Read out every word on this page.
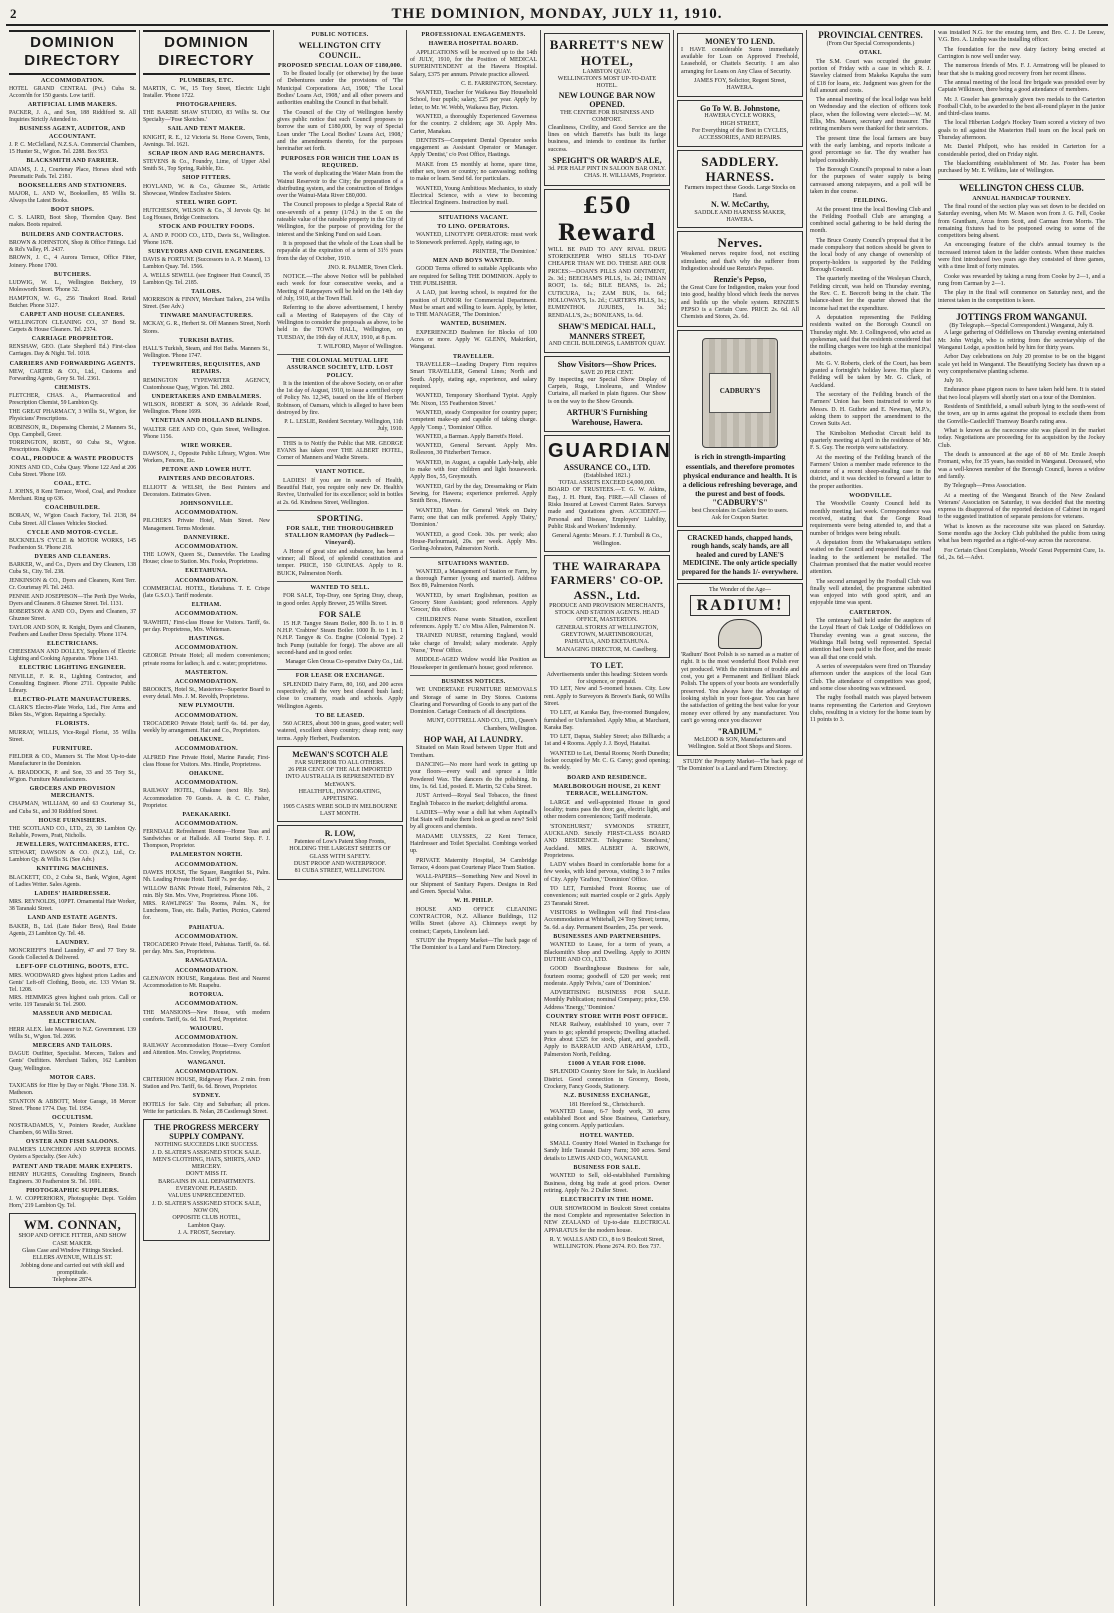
2	THE DOMINION, MONDAY, JULY 11, 1910.
DOMINION DIRECTORY
ACCOMMODATION.
HOTEL GRAND CENTRAL (Pvt.) Cuba St. Accom'dn for 150 guests. Low tariff.
ARTIFICIAL LIMB MAKERS.
PACKER, J. A., and Son, 188 Riddiford St. All Inquiries Strictly Attended to.
BUSINESS AGENT, AUDITOR, AND ACCOUNTANT.
J. P. C. McClelland, N.Z.S.A. Commercial Chambers, 15 Hunter St., W'gton. Tel. 2288. Box 953.
BLACKSMITH AND FARRIER.
ADAMS, J. J., Courtenay Place, Horses shod with Pneumatic Pads. Tel. 2181.
BOOKSELLERS AND STATIONERS.
MAJOR, L. AND W., Booksellers, 85 Willis St. Always the Latest Books.
BOOT SHOPS.
C. S. LAIRD, Boot Shop, Thorndon Quay. Best makes. Boots repaired.
BUILDERS AND CONTRACTORS.
BROWN & JOHNSTON, Shop & Office Fittings. Lid & Rd's Valley, Pl. 2437.
BROWN, J. C., 4 Aurora Terrace, Office Fitter, Joinery. Phone 1700.
BUTCHERS.
LUDWIG, W. L., Wellington Butchery, 19 Molesworth Street. 'Phone 32.
HAMPTON, W. G., 256 Tinakori Road. Retail Butcher. Phone 3127.
CARPET AND HOUSE CLEANERS.
WELLINGTON CLEANING CO., 37 Bond St. Carpets & House Cleaners. Tel. 2374.
CARRIAGE PROPRIETOR.
RENSHAW, GEO. (Late Shepherd Ed.) First-class Carriages. Day & Night. Tel. 1018.
CARRIERS AND FORWARDING AGENTS.
MEW, CARTER & CO., Ltd., Customs and Forwarding Agents, Grey St. Tel. 2361.
CHEMISTS.
FLETCHER, CHAS. A., Pharmaceutical and Prescription Chemist, 59 Lambton Qy.
THE GREAT PHARMACY, 3 Willis St., W'gton, for Physicians' Prescriptions.
ROBINSON, R., Dispensing Chemist, 2 Manners St., Opp. Campbell, Greer.
TORRINGTON, ROBT., 60 Cuba St., W'gton. Prescriptions. Nights.
COAL, PRODUCE & WASTE PRODUCTS
JONES AND CO., Cuba Quay. 'Phone 122 And at 206 Cuba Street. 'Phone 169.
COAL, ETC.
J. JOHNS, 8 Kent Terrace, Wood, Coal, and Produce Merchant. Ring up 636.
COACHBUILDER.
BORAN, W., W'gton Coach Factory, Tel. 2138, 84 Cuba Street. All Classes Vehicles Stocked.
CYCLE AND MOTOR-CYCLE.
BUCKNELL'S CYCLE & MOTOR WORKS, 145 Featherston St. 'Phone 218.
DYERS AND CLEANERS.
BARKER, W., and Co., Dyers and Dry Cleaners, 138 Cuba St., City. Tel. 238.
JENKINSON & CO., Dyers and Cleaners, Kent Terr. Cr. Courtenay Pl. Tel. 2463.
PENNIE AND JOSEPHSON—The Perth Dye Works, Dyers and Cleaners. 8 Ghuznee Street. Tel. 1131.
ROBERTSON & AND CO., Dyers and Cleaners, 37 Ghuznee Street.
TAYLOR AND SON, R. Knight, Dyers and Cleaners, Feathers and Leather Dress Specialty. 'Phone 1174.
ELECTRICIANS.
CHEESEMAN AND DOLLEY, Suppliers of Electric Lighting and Cooking Apparatus. 'Phone 1143.
ELECTRIC LIGHTING ENGINEER.
NEVILLE, F. R. R., Lighting Contractor, and Consulting Engineer. Phone 2711. Opposite Public Library.
ELECTRO-PLATE MANUFACTURERS.
CLARK'S Electro-Plate Works, Ltd., Fire Arms and Bikes Sts., W'gton. Repairing a Specialty.
FLORISTS.
MURRAY, WILLIS, Vice-Regal Florist, 35 Willis Street.
FURNITURE.
FIELDER & CO., Manners St. The Most Up-to-date Manufacturer in the Dominion.
A. BRADDOCK, P. and Son, 33 and 35 Tory St., W'gton. Furniture Manufacturers.
GROCERS AND PROVISION MERCHANTS.
CHAPMAN, WILLIAM, 60 and 63 Courtenay St., and Cuba St., and 30 Riddiford Street.
HOUSE FURNISHERS.
THE SCOTLAND CO., LTD., 23, 30 Lambton Qy. Reliable, Powers, Pratt, Nicholls.
JEWELLERS, WATCHMAKERS, ETC.
STEWART, DAWSON & CO. (N.Z.), Ltd., Cr. Lambton Qy. & Willis St. (See Adv.)
KNITTING MACHINES.
BLACKETT, CO., 2 Cuba St., Bank, W'gton, Agent of Ladies Writer. Sales Agents.
LADIES' HAIRDRESSER.
MRS. REYNOLDS, 10PPT. Ornamental Hair Worker, 38 Taranaki Street.
LAND AND ESTATE AGENTS.
BAKER, B., Ltd. (Late Baker Bros), Real Estate Agents, 23 Lambton Qy. Tel. 48.
LAUNDRY.
MONCRIEFF'S Hand Laundry, 47 and 77 Tory St. Goods Collected & Delivered.
LEFT-OFF CLOTHING, BOOTS, ETC.
MRS. WOODWARD gives highest prices Ladies and Gents' Left-off Clothing, Boots, etc. 133 Vivian St. Tel. 1208.
MRS. HEMMIGS gives highest cash prices. Call or write. 119 Taranaki St. Tel. 2900.
MASSEUR AND MEDICAL ELECTRICIAN.
HERR ALEX. late Masseur to N.Z. Government. 139 Willis St., W'gton. Tel. 2696.
MERCERS AND TAILORS.
DAGUE Outfitter, Specialist. Mercers, Tailors and Gents' Outfitters. Merchant Tailors, 162 Lambton Quay, Wellington.
MOTOR CARS.
TAXICABS for Hire by Day or Night. 'Phone 338. N. Matheson.
STANTON & ABBOTT, Motor Garage, 18 Mercer Street. 'Phone 1774. Day. Tel. 1954.
OCCULTISM.
NOSTRADAMUS, V., Pointers Reader, Aucklane Chambers, 66 Willis Street.
OYSTER AND FISH SALOONS.
PALMER'S LUNCHEON AND SUPPER ROOMS. Oysters a Specialty. (See Adv.)
PATENT AND TRADE MARK EXPERTS.
HENRY HUGHES, Consulting Engineers, Branch Engineers. 30 Featherston St. Tel. 1691.
PHOTOGRAPHIC SUPPLIERS.
J. W. COPPERHORN, Photographic Dept. 'Golden Horn,' 219 Lambton Qy. Tel.
WM. CONNAN,
SHOP AND OFFICE FITTER, AND SHOW CASE MAKER.
Glass Case and Window Fittings Stocked.
ELLERS AVENUE, WILLIS ST.
Jobbing done and carried out with skill and promptitude.
Telephone 2874.
DOMINION DIRECTORY
PLUMBERS, ETC.
MARTIN, C. W., 15 Tory Street, Electric Light Installer. 'Phone 1722.
PHOTOGRAPHERS.
THE BARBIE SHAW STUDIO, 83 Willis St. Our Specialty—'Pose Sketches.'
SAIL AND TENT MAKER.
KNIGHT, R. E., 12 Victoria St. Horse Covers, Tents, Awnings. Tel. 1621.
SCRAP IRON AND RAG MERCHANTS.
STEVENS & Co., Foundry, Lime, of Upper Abel Smith St., Top Spring, Rabble, Etc.
SHOP FITTERS.
HOYLAND, W. & Co., Ghuznee St., Artistic Showcase, Window Exclusive Sisters.
STEEL WIRE GOPT.
HUTCHESON, WILSON & Co., 3l Jervois Qy. Ist Log Houses, Bridge Contractors.
STOCK AND POULTRY FOODS.
A. AND P. FOOD CO., LTD., Davis St., Wellington. 'Phone 1678.
SURVEYORS AND CIVIL ENGINEERS.
DAVIS & FORTUNE (Successors to A. P. Mason), 13 Lambton Quay. Tel. 1566.
A. WELLS SEWELL (see Engineer Hutt Council, 35 Lambton Qy. Tel. 2185.
TAILORS.
MORRISON & FINNY, Merchant Tailors, 214 Willis Street. (See Adv.)
TINWARE MANUFACTURERS.
MCKAY, G. R., Herbert St. Off Manners Street, North Stores.
TURKISH BATHS.
HALL'S Turkish, Steam, and Hot Baths. Manners St., Wellington. 'Phone 1747.
TYPEWRITERS, REQUISITES, AND REPAIRS.
REMINGTON TYPEWRITER AGENCY, Customhouse Quay, W'gton. Tel. 2802.
UNDERTAKERS AND EMBALMERS.
WILSON, ROBERT & SON, 36 Adelaide Road, Wellington. 'Phone 1699.
VENETIAN AND HOLLAND BLINDS.
WALTER GEE AND CO., Quin Street, Wellington. 'Phone 1156.
WIRE WORKER.
DAWSON, J., Opposite Public Library, W'gton. Wire Workers, Fencers, Etc.
PETONE AND LOWER HUTT.
PAINTERS AND DECORATORS.
ELLIOTT & WELSH, the Best Painters and Decorators. Estimates Given.
JOHNSONVILLE.
ACCOMMODATION.
PILCHER'S Private Hotel, Main Street. New Management. Terms Moderate.
DANNEVIRKE.
ACCOMMODATION.
THE LOWN, Queen St., Dannevirke. The Leading House; close to Station. Mrs. Fooks, Proprietress.
EKETAHUNA.
ACCOMMODATION.
COMMERCIAL HOTEL, Eketahuna. T. E. Crispe (late G.S.O.). Tariff moderate.
ELTHAM.
ACCOMMODATION.
'RAWHITI,' First-class House for Visitors. Tariff, 6s. per day. Proprietress, Mrs. Whiteman.
HASTINGS.
ACCOMMODATION.
GEORGE Private Hotel; all modern conveniences; private rooms for ladies; h. and c. water; proprietress.
MASTERTON.
ACCOMMODATION.
BROOKE'S, Hotel St., Masterton—Superior Board to every detail. Mrs. J. M. Revolth, Proprietress.
NEW PLYMOUTH.
ACCOMMODATION.
TROCADERO Private Hotel; tariff 6s. 6d. per day, weekly by arrangement. Hair and Co., Proprietors.
OHAKUNE.
ACCOMMODATION.
ALFRED Fine Private Hotel, Marine Parade; First-class House for Visitors. Mrs. Hindle, Proprietress.
OHAKUNE.
ACCOMMODATION.
RAILWAY HOTEL, Ohakune (next Rly. Stn). Accommodation 70 Guests. A. & C. C. Fisher, Proprietor.
PAEKAKARIKI.
ACCOMMODATION.
FERNDALE Refreshment Rooms—Home Teas and Sandwiches or at Hallside. All Tourist Stop. F. J. Thompson, Proprietor.
PALMERSTON NORTH.
ACCOMMODATION.
DAWES HOUSE, The Square, Rangitikei St., Palm. Nh. Leading Private Hotel. Tariff 7s. per day.
WILLOW BANK Private Hotel, Palmerston Nth., 2 min. Bly Stn. Mrs. Vive, Proprietress. Phone 106.
MRS. RAWLINGS' Tea Rooms, Palm. N., for Luncheons, Teas, etc. Balls, Parties, Picnics, Catered for.
PAHIATUA.
ACCOMMODATION.
TROCADERO Private Hotel, Pahiatua. Tariff, 6s. 6d. per day. Mrs. Sax, Proprietress.
RANGATAUA.
ACCOMMODATION.
GLENAVON HOUSE, Rangataua. Best and Nearest Accommodation to Mt. Ruapehu.
ROTORUA.
ACCOMMODATION.
THE MANSIONS—New House, with modern comforts. Tariff, 6s. 6d. Tel. Ford, Proprietor.
WAIOURU.
ACCOMMODATION.
RAILWAY Accommodation House—Every Comfort and Attention. Mrs. Crowley, Proprietress.
WANGANUI.
ACCOMMODATION.
CRITERION HOUSE, Ridgeway Place. 2 min. from Station and Pro. Tariff, 6s. 6d. Brown, Proprietor.
SYDNEY.
HOTELS for Sale. City and Suburban; all prices. Write for particulars. B. Nolan, 28 Castlereagh Street.
THE PROGRESS MERCERY SUPPLY COMPANY.
NOTHING SUCCEEDS LIKE SUCCESS.
J. D. SLATER'S ASSIGNED STOCK SALE.
MEN'S CLOTHING, HATS, SHIRTS, AND MERCERY.
DON'T MISS IT.
BARGAINS IN ALL DEPARTMENTS.
EVERYONE PLEASED.
VALUES UNPRECEDENTED.
J. D. SLATER'S ASSIGNED STOCK SALE, NOW ON,
OPPOSITE CLUB HOTEL,
Lambton Quay.
J. A. FROST, Secretary.
PUBLIC NOTICES.
WELLINGTON CITY COUNCIL.
PROPOSED SPECIAL LOAN OF £180,000.
To be floated locally (or otherwise) by the issue of Debentures under the provisions of 'The Municipal Corporations Act, 1908,' 'The Local Bodies' Loans Act, 1908,' and all other powers and authorities enabling the Council in that behalf.
The Council of the City of Wellington hereby gives public notice that such Council proposes to borrow the sum of £180,000, by way of Special Loan under 'The Local Bodies' Loans Act, 1908,' and the amendments thereto, for the purposes hereinafter set forth.
PURPOSES FOR WHICH THE LOAN IS REQUIRED.
The work of duplicating the Water Main from the Wainui Reservoir to the City; the preparation of a distributing system, and the construction of Bridges over the Wainui-Mata River £80,000.
The Council proposes to pledge a Special Rate of one-seventh of a penny (1/7d.) in the £ on the rateable value of the rateable property in the City of Wellington, for the purpose of providing for the interest and the Sinking Fund on said Loan.
It is proposed that the whole of the Loan shall be repayable at the expiration of a term of 31½ years from the day of October, 1910.
JNO. R. PALMER, Town Clerk.
NOTICE.—The above Notice will be published each week for four consecutive weeks, and a Meeting of Ratepayers will be held on the 14th day of July, 1910, at the Town Hall.
Referring to the above advertisement, I hereby call a Meeting of Ratepayers of the City of Wellington to consider the proposals as above, to be held in the TOWN HALL, Wellington, on TUESDAY, the 19th day of JULY, 1910, at 8 p.m.
T. WILFORD, Mayor of Wellington.
THE COLONIAL MUTUAL LIFE ASSURANCE SOCIETY, LTD. LOST POLICY.
It is the intention of the above Society, on or after the 1st day of August, 1910, to issue a certified copy of Policy No. 12,345, issued on the life of Herbert Robinson, of Oamaru, which is alleged to have been destroyed by fire.
P. L. LESLIE, Resident Secretary. Wellington, 11th July, 1910.
THIS is to Notify the Public that MR. GEORGE EVANS has taken over THE ALBERT HOTEL, Corner of Manners and Wadie Streets.
VIANT NOTICE.
LADIES! If you are in search of Health, Beautiful Hair, you require only new Dr. Health's Revive, Unrivalled for its excellence; sold in bottles at 2s. 6d. Kindness Street, Wellington.
SPORTING.
FOR SALE, THE THOROUGHBRED STALLION RAMOPAN (by Padlock—Vineyard).
A Horse of great size and substance, has been a winner; all Blood, of splendid constitution and temper. PRICE, 150 GUINEAS. Apply to R. BUICK, Palmerston North.
WANTED TO SELL.
FOR SALE, Top-Dray, one Spring Dray, cheap, in good order. Apply Brewer, 25 Willis Street.
FOR SALE
15 H.P. Tangye Steam Boiler, 800 lb. to 1 in. 8 N.H.P. 'Crabtree' Steam Boiler. 1000 lb. to 1 in. 1 N.H.P. Tangye & Co. Engine (Colonial Type). 2 Inch Pump (suitable for forge). The above are all second-hand and in good order.
Manager Glen Oroua Co-operative Dairy Co., Ltd.
FOR LEASE OR EXCHANGE.
SPLENDID Dairy Farm, 80, 160, and 200 acres respectively; all the very best cleared bush land; close to creamery, roads and schools. Apply Wellington Agents.
TO BE LEASED.
560 ACRES, about 300 in grass, good water; well watered, excellent sheep country; cheap rent; easy terms. Apply Herbert, Featherston.
McEWAN'S SCOTCH ALE
FAR SUPERIOR TO ALL OTHERS.
26 PER CENT. OF THE ALE IMPORTED INTO AUSTRALIA IS REPRESENTED BY McEWAN'S.
HEALTHFUL, INVIGORATING, APPETISING.
1905 CASES WERE SOLD IN MELBOURNE LAST MONTH.
R. LOW,
Patentee of Low's Patent Shop Fronts,
HOLDING THE LARGEST SHEETS OF GLASS WITH SAFETY.
DUST PROOF AND WATERPROOF.
81 CUBA STREET, WELLINGTON.
PROFESSIONAL ENGAGEMENTS.
HAWERA HOSPITAL BOARD.
APPLICATIONS will be received up to the 14th of JULY, 1910, for the Position of MEDICAL SUPERINTENDENT at the Hawera Hospital. Salary, £375 per annum. Private practice allowed.
C. E. FARRINGTON, Secretary.
WANTED, Teacher for Waikawa Bay Household School, four pupils; salary, £25 per year. Apply by letter, to Mr. W. Webb, Waikawa Bay, Picton.
WANTED, a thoroughly Experienced Governess for the country. 2 children; age 30. Apply Mrs. Carter, Manakau.
DENTISTS—Competent Dental Operator seeks engagement as Assistant Operator or Manager. Apply 'Dentist,' c/o Post Office, Hastings.
MAKE from £5 monthly at home, spare time, either sex, town or country; no canvassing; nothing to make or learn. Send 6d. for particulars.
WANTED, Young Ambitious Mechanics, to study Electrical Science, with a view to becoming Electrical Engineers. Instruction by mail.
SITUATIONS VACANT.
TO LINO. OPERATORS.
WANTED, LINOTYPE OPERATOR: must work to Stonework preferred. Apply, stating age, to
PRINTER, 'The Dominion.'
MEN AND BOYS WANTED.
GOOD Terms offered to suitable Applicants who are required for Selling THE DOMINION. Apply to THE PUBLISHER.
A LAD, just leaving school, is required for the position of JUNIOR for Commercial Department. Must be smart and willing to learn. Apply, by letter, to THE MANAGER, 'The Dominion.'
WANTED, BUSHMEN.
EXPERIENCED Bushmen for Blocks of 100 Acres or more. Apply W. GLENN, Makirikiri, Wanganui.
TRAVELLER.
TRAVELLER—Leading Drapery Firm requires Smart TRAVELLER, General Lines; North and South. Apply, stating age, experience, and salary required.
WANTED, Temporary Shorthand Typist. Apply 'Mr. Nixon, 155 Featherston Street.'
WANTED, steady Compositor for country paper; competent make-up and capable of taking charge. Apply 'Comp.', 'Dominion' Office.
WANTED, a Barman. Apply Barrett's Hotel.
WANTED, General Servant. Apply Mrs. Rollesron, 30 Fitzherbert Terrace.
WANTED, in August, a capable Lady-help, able to make with four children and light housework. Apply Box, 55, Greymouth.
WANTED, Girl by the day, Dressmaking or Plain Sewing, for Hawera; experience preferred. Apply Smith Bros., Hawera.
WANTED, Man for General Work on Dairy Farm; one that can milk preferred. Apply 'Dairy,' 'Dominion.'
WANTED, a good Cook. 30s. per week; also House-Parlourmaid, 20s. per week. Apply Mrs. Gorling-Johnston, Palmerston North.
SITUATIONS WANTED.
WANTED, a Management of Station or Farm, by a thorough Farmer (young and married). Address Box 89, Palmerston North.
WANTED, by smart Englishman, position as Grocery Store Assistant; good references. Apply 'Grocer,' this office.
CHILDREN'S Nurse wants Situation, excellent references. Apply 'E.' c/o Miss Allen, Palmerston N.
TRAINED NURSE, returning England, would take charge of Invalid; salary moderate. Apply 'Nurse,' 'Press' Office.
MIDDLE-AGED Widow would like Position as Housekeeper in gentleman's house; good reference.
BUSINESS NOTICES.
WE UNDERTAKE FURNITURE REMOVALS and Storage of same in Dry Stores. Customs Clearing and Forwarding of Goods to any part of the Dominion. Cartage Contracts of all descriptions.
MUNT, COTTRELL AND CO., LTD., Queen's Chambers, Wellington.
HOP WAH, AI LAUNDRY.
Situated on Main Road between Upper Hutt and Trentham.
DANCING—No more hard work in getting up your floors—every wall and spruce a little Powdered Wax. The dancers do the polishing. In tins, 1s. 6d. Ltd, posted. E. Martin, 52 Cuba Street.
JUST Arrived—Royal Seal Tobacco, the finest English Tobacco in the market; delightful aroma.
LADIES—Why wear a dull hat when Aspinall's Hat Stain will make them look as good as new? Sold by all grocers and chemists.
MADAME ULYSSES, 22 Kent Terrace, Hairdresser and Toilet Specialist. Combings worked up.
PRIVATE Maternity Hospital, 34 Cambridge Terrace, 4 doors past Courtenay Place Tram Station.
WALL-PAPERS—Something New and Novel in our Shipment of Sanitary Papers. Designs in Red and Green. Special Value.
W. H. PHILP.
HOUSE AND OFFICE CLEANING CONTRACTOR, N.Z. Alliance Buildings, 112 Willis Street (above A). Chimneys swept by contract; Carpets, Linoleum laid.
STUDY the Property Market—The back page of 'The Dominion' is a Land and Farm Directory.
BARRETT'S NEW HOTEL,
LAMBTON QUAY.
WELLINGTON'S MOST UP-TO-DATE HOTEL.
NEW LOUNGE BAR NOW OPENED.
THE CENTRE FOR BUSINESS AND COMFORT.
Cleanliness, Civility, and Good Service are the lines on which Barrett's has built its large business, and intends to continue its further success.
SPEIGHT'S OR WARD'S ALE,
3d. PER HALF PINT IN SALOON BAR ONLY.
CHAS. H. WILLIAMS, Proprietor.
£50 Reward
WILL BE PAID TO ANY RIVAL DRUG STOREKEEPER WHO SELLS TO-DAY CHEAPER THAN WE DO. THESE ARE OUR PRICES:—DOAN'S PILLS AND OINTMENT, 2s. 3d.; BEECHAM'S PILLS, 1s. 2d.; INDIAN ROOT, 1s. 6d.; BILE BEANS, 1s. 2d.; CUTICURA, 1s.; ZAM BUK, 1s. 6d.; HOLLOWAY'S, 1s. 2d.; CARTER'S PILLS, 1s.; EUMENTHOL JUJUBES, 1s. 3d.; RENDALL'S, 2s.; BONJEANS, 1s. 6d.
SHAW'S MEDICAL HALL, MANNERS STREET,
AND CECIL BUILDINGS, LAMBTON QUAY.
Show Visitors—Show Prices.
SAVE 20 PER CENT.
By inspecting our Special Show Display of Carpets, Rugs, Linoleums, and Window Curtains, all marked in plain figures. Our Show is on the way to the Show Grounds.
ARTHUR'S Furnishing Warehouse, Hawera.
GUARDIAN
ASSURANCE CO., LTD.
(Established 1821.)
TOTAL ASSETS EXCEED £4,000,000.
BOARD OF TRUSTEES.—T. G. W. Atkins, Esq., J. H. Hunt, Esq. FIRE.—All Classes of Risks Insured at Lowest Current Rates. Surveys made and Quotations given. ACCIDENT.—Personal and Disease, Employers' Liability, Public Risk and Workers' Indemnity.
General Agents: Messrs. F. J. Turnbull & Co., Wellington.
THE WAIRARAPA FARMERS' CO-OP. ASSN., Ltd.
PRODUCE AND PROVISION MERCHANTS, STOCK AND STATION AGENTS. HEAD OFFICE, MASTERTON.
GENERAL STORES AT WELLINGTON, GREYTOWN, MARTINBOROUGH, PAHIATUA, AND EKETAHUNA.
MANAGING DIRECTOR, M. Caselberg.
TO LET.
Advertisements under this heading: Sixteen words for sixpence, or prepaid.
TO LET, New and 5-roomed houses. City. Low rent. Apply to Surveyors & Brown's Bank, 60 Willis Street.
TO LET, at Karaka Bay, five-roomed Bungalow, furnished or Unfurnished. Apply Miss, at Marchant, Karaka Bay.
TO LET, Dapua, Stabley Street; also Billiards; a 1st and 4 Rooms. Apply J. J. Boyd, Hataitai.
WANTED to Let, Dental Rooms; North Dunedin; locker occupied by Mr. C. G. Carey; good opening; 8s. weekly.
BOARD AND RESIDENCE.
MARLBOROUGH HOUSE, 21 KENT TERRACE, WELLINGTON.
LARGE and well-appointed House in good locality; trams pass the door; gas, electric light, and other modern conveniences; Tariff moderate.
'STONEHURST,' SYMONDS STREET, AUCKLAND. Strictly FIRST-CLASS BOARD AND RESIDENCE. Telegrams: 'Stonehurst,' Auckland. MRS. ALBERT A. BROWN, Proprietress.
LADY wishes Board in comfortable home for a few weeks, with kind pervous, visiting 3 to 7 miles of City. Apply 'Grafton,' 'Dominion' Office.
TO LET, Furnished Front Rooms; use of conveniences; suit married couple or 2 girls. Apply 23 Taranaki Street.
VISITORS to Wellington will find First-class Accommodation at Whitehall, 24 Tory Street; terms, 5s. 6d. a day. Permanent Boarders, 25s. per week.
BUSINESSES AND PARTNERSHIPS.
WANTED to Lease, for a term of years, a Blacksmith's Shop and Dwelling. Apply to JOHN DUTHIE AND CO., LTD.
GOOD Boardinghouse Business for sale, fourteen rooms; goodwill of £20 per week; rent moderate. Apply 'Pelvis,' care of 'Dominion.'
ADVERTISING BUSINESS FOR SALE. Monthly Publication; nominal Company; price, £50. Address 'Energy,' 'Dominion.'
COUNTRY STORE WITH POST OFFICE.
NEAR Railway, established 10 years, over 7 years to go; splendid prospects; Dwelling attached. Price about £325 for stock, plant, and goodwill. Apply to BARRAUD AND ABRAHAM, LTD., Palmerston North, Feilding.
£1000 A YEAR FOR £1000.
SPLENDID Country Store for Sale, in Auckland District. Good connection in Grocery, Boots, Crockery, Fancy Goods, Stationery.
N.Z. BUSINESS EXCHANGE,
181 Hereford St., Christchurch.
WANTED Lease, 6-7 body work, 30 acres established Boot and Shoe Business, Canterbury, going concern. Apply particulars.
HOTEL WANTED.
SMALL Country Hotel Wanted in Exchange for Sandy little Taranaki Dairy Farm; 300 acres. Send details to LEWIS AND CO., WANGANUI.
BUSINESS FOR SALE.
WANTED to Sell, old-established Furnishing Business, doing big trade at good prices. Owner retiring. Apply No. 2 Duller Street.
ELECTRICITY IN THE HOME.
OUR SHOWROOM in Boulcott Street contains the most Complete and representative Selection in NEW ZEALAND of Up-to-date ELECTRICAL APPARATUS for the modern house.
R. Y. WALLS AND CO., 8 to 9 Boulcott Street, WELLINGTON. Phone 2674. P.O. Box 737.
MONEY TO LEND.
I HAVE considerable Sums immediately available for Loan on Approved Freehold, Leasehold, or Chattels Security. I am also arranging for Loans on Any Class of Security.
JAMES FOY, Solicitor, Regent Street, HAWERA.
Go To W. B. Johnstone,
HAWERA CYCLE WORKS,
HIGH STREET,
For Everything of the Best in CYCLES, ACCESSORIES, AND REPAIRS.
SADDLERY.
HARNESS.
Farmers inspect these Goods. Large Stocks on Hand.
N. W. McCarthy,
SADDLE AND HARNESS MAKER, HAWERA.
Nerves.
Weakened nerves require food, not exciting stimulants; and that's why the sufferer from Indigestion should use Renzie's Pepso.
Renzie's Pepso,
the Great Cure for Indigestion, makes your food into good, healthy blood which feeds the nerves and builds up the whole system. RENZIE'S PEPSO is a Certain Cure. PRICE 2s. 6d. All Chemists and Stores, 2s. 6d.
CADBURY'S
is rich in strength-imparting essentials, and therefore promotes physical endurance and health. It is a delicious refreshing beverage, and the purest and best of foods.
"CADBURY'S"
best Chocolates in Caskets free to users.
Ask for Coupon Starter.
CRACKED hands, chapped hands, rough hands, scaly hands, are all healed and cured by LANE'S MEDICINE. The only article specially prepared for the hands 1/- everywhere.
The Wonder of the Age—
RADIUM!
'Radium' Boot Polish is so named as a matter of right. It is the most wonderful Boot Polish ever yet produced. With the minimum of trouble and cost, you get a Permanent and Brilliant Black Polish. The uppers of your boots are wonderfully preserved. You always have the advantage of looking stylish in your foot-gear. You can have the satisfaction of getting the best value for your money ever offered by any manufacturer. You can't go wrong once you discover
"RADIUM."
McLEOD & SON, Manufacturers and Wellington. Sold at Boot Shops and Stores.
STUDY the Property Market—The back page of 'The Dominion' is a Land and Farm Directory.
PROVINCIAL CENTRES.
(From Our Special Correspondents.)
OTAKI.
The S.M. Court was occupied the greater portion of Friday with a case in which R. J. Staveley claimed from Makeka Kapuha the sum of £18 for loans, etc. Judgment was given for the full amount and costs.
The annual meeting of the local lodge was held on Wednesday and the election of officers took place, when the following were elected:—W. M. Ellis, Mrs. Mason, secretary and treasurer. The retiring members were thanked for their services.
The present time the local farmers are busy with the early lambing, and reports indicate a good percentage so far. The dry weather has helped considerably.
The Borough Council's proposal to raise a loan for the purposes of water supply is being canvassed among ratepayers, and a poll will be taken in due course.
FEILDING.
At the present time the local Bowling Club and the Feilding Football Club are arranging a combined social gathering to be held during the month.
The Bruce County Council's proposal that it be made compulsory that notices should be given to the local body of any change of ownership of property-holders is supported by the Feilding Borough Council.
The quarterly meeting of the Wesleyan Church, Feilding circuit, was held on Thursday evening, the Rev. C. E. Beecroft being in the chair. The balance-sheet for the quarter showed that the income had met the expenditure.
A deputation representing the Feilding residents waited on the Borough Council on Thursday night. Mr. J. Collingwood, who acted as spokesman, said that the residents considered that the milling charges were too high at the municipal abattoirs.
Mr. G. V. Roberts, clerk of the Court, has been granted a fortnight's holiday leave. His place in Feilding will be taken by Mr. G. Clark, of Auckland.
The secretary of the Feilding branch of the Farmers' Union has been instructed to write to Messrs. D. H. Guthrie and E. Newman, M.P.'s, asking them to support the amendment to the Crown Suits Act.
The Kimbolton Methodist Circuit held its quarterly meeting at April in the residence of Mr. F. S. Guy. The receipts were satisfactory.
At the meeting of the Feilding branch of the Farmers' Union a member made reference to the outcome of a recent sheep-stealing case in the district, and it was decided to forward a letter to the proper authorities.
WOODVILLE.
The Woodville County Council held its monthly meeting last week. Correspondence was received, stating that the Gorge Road requirements were being attended to, and that a number of bridges were being rebuilt.
A deputation from the Whakaruatapu settlers waited on the Council and requested that the road leading to the settlement be metalled. The Chairman promised that the matter would receive attention.
The second arranged by the Football Club was finally well attended, the programme submitted was enjoyed into with good spirit, and an enjoyable time was spent.
CARTERTON.
The centenary ball held under the auspices of the Loyal Heart of Oak Lodge of Oddfellows on Thursday evening was a great success, the Waihinga Hall being well represented. Special attention had been paid to the floor, and the music was all that one could wish.
A series of sweepstakes were fired on Thursday afternoon under the auspices of the local Gun Club. The attendance of competitors was good, and some close shooting was witnessed.
The rugby football match was played between teams representing the Carterton and Greytown clubs, resulting in a victory for the home team by 11 points to 3.
was installed N.G. for the ensuing term, and Bro. C. J. De Leeuw, V.G. Bro. A. Lindup was the installing officer.
The foundation for the new dairy factory being erected at Carrington is now well under way.
The numerous friends of Mrs. F. J. Armstrong will be pleased to hear that she is making good recovery from her recent illness.
The annual meeting of the local fire brigade was presided over by Captain Wilkinson, there being a good attendance of members.
Mr. J. Goseler has generously given two medals to the Carterton Football Club, to be awarded to the best all-round player in the junior and third-class teams.
The local Hiberian Lodge's Hockey Team scored a victory of two goals to nil against the Masterton Hall team on the local park on Thursday afternoon.
Mr. Daniel Philpott, who has resided in Carterton for a considerable period, died on Friday night.
The blacksmithing establishment of Mr. Jas. Foster has been purchased by Mr. E. Wilkins, late of Wellington.
WELLINGTON CHESS CLUB.
ANNUAL HANDICAP TOURNEY.
The final round of the section play was set down to be decided on Saturday evening, when Mr. W. Mason won from J. G. Fell, Cooke from Grantham, Arcus from Scott, and Carman from Morris. The remaining fixtures had to be postponed owing to some of the competitors being absent.
An encouraging feature of the club's annual tourney is the increased interest taken in the ladder contests. When these matches were first introduced two years ago they consisted of three games, with a time limit of forty minutes.
Cooke was rewarded by taking a rung from Cooke by 2—1, and a rung from Carman by 2—1.
The play in the final will commence on Saturday next, and the interest taken in the competition is keen.
JOTTINGS FROM WANGANUI.
(By Telegraph.—Special Correspondent.) Wanganui, July 8.
A large gathering of Oddfellows on Thursday evening entertained Mr. John Wright, who is retiring from the secretaryship of the Wanganui Lodge, a position held by him for thirty years.
Arbor Day celebrations on July 20 promise to be on the biggest scale yet held in Wanganui. The Beautifying Society has drawn up a very comprehensive planting scheme.
July 10.
Endurance phase pigeon races to have taken held here. It is stated that two local players will shortly start on a tour of the Dominion.
Residents of Smithfield, a small suburb lying to the south-west of the town, are up in arms against the proposal to exclude them from the Gonville-Castlecliff Tramway Board's rating area.
What is known as the racecourse site was placed in the market today. Negotiations are proceeding for its acquisition by the Jockey Club.
The death is announced at the age of 80 of Mr. Emile Joseph Fromant, who, for 35 years, has resided in Wanganui. Deceased, who was a well-known member of the Borough Council, leaves a widow and family.
By Telegraph—Press Association.
At a meeting of the Wanganui Branch of the New Zealand Veterans' Association on Saturday, it was decided that the meeting express its disapproval of the reported decision of Cabinet in regard to the suggested institution of separate pensions for veterans.
What is known as the racecourse site was placed on Saturday. Some months ago the Jockey Club published the public from using what has been regarded as a right-of-way across the racecourse.
For Certain Chest Complaints, Woods' Great Peppermint Cure, 1s. 6d., 2s. 6d.—Advt.
